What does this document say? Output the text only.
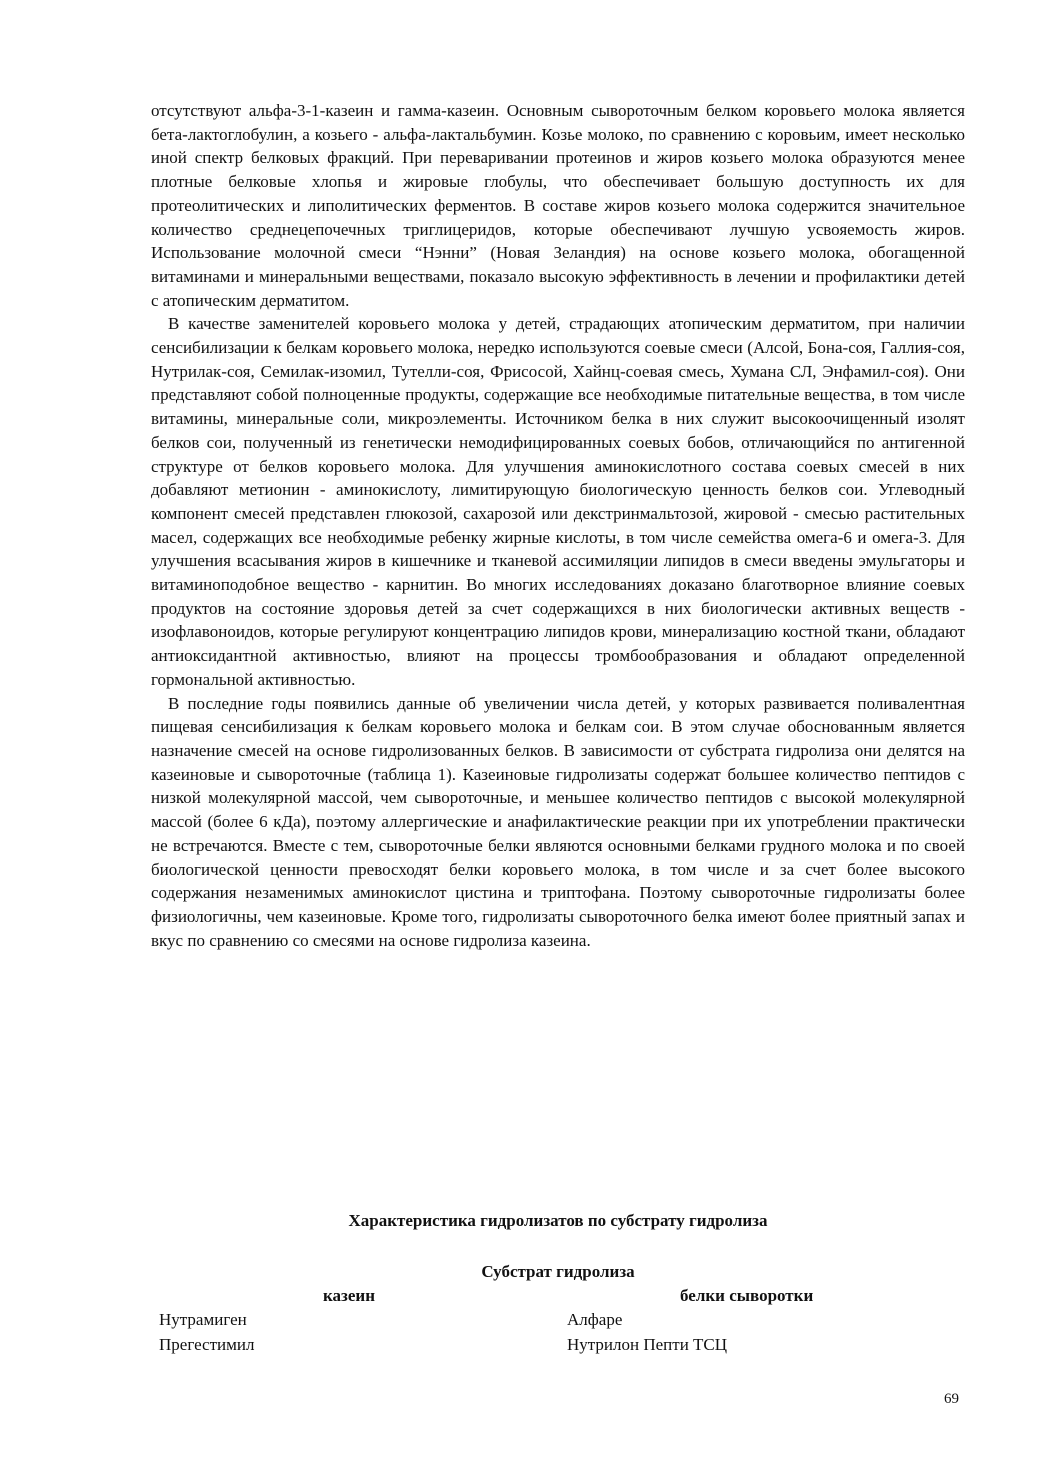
отсутствуют альфа-3-1-казеин и гамма-казеин. Основным сывороточным белком коровьего молока является бета-лактоглобулин, а козьего - альфа-лактальбумин. Козье молоко, по сравнению с коровьим, имеет несколько иной спектр белковых фракций. При переваривании протеинов и жиров козьего молока образуются менее плотные белковые хлопья и жировые глобулы, что обеспечивает большую доступность их для протеолитических и липолитических ферментов. В составе жиров козьего молока содержится значительное количество среднецепочечных триглицеридов, которые обеспечивают лучшую усвояемость жиров. Использование молочной смеси “Нэнни” (Новая Зеландия) на основе козьего молока, обогащенной витаминами и минеральными веществами, показало высокую эффективность в лечении и профилактики детей с атопическим дерматитом.

В качестве заменителей коровьего молока у детей, страдающих атопическим дерматитом, при наличии сенсибилизации к белкам коровьего молока, нередко используются соевые смеси (Алсой, Бона-соя, Галлия-соя, Нутрилак-соя, Семилак-изомил, Тутелли-соя, Фрисосой, Хайнц-соевая смесь, Хумана СЛ, Энфамил-соя). Они представляют собой полноценные продукты, содержащие все необходимые питательные вещества, в том числе витамины, минеральные соли, микроэлементы. Источником белка в них служит высокоочищенный изолят белков сои, полученный из генетически немодифицированных соевых бобов, отличающийся по антигенной структуре от белков коровьего молока. Для улучшения аминокислотного состава соевых смесей в них добавляют метионин - аминокислоту, лимитирующую биологическую ценность белков сои. Углеводный компонент смесей представлен глюкозой, сахарозой или декстринмальтозой, жировой - смесью растительных масел, содержащих все необходимые ребенку жирные кислоты, в том числе семейства омега-6 и омега-3. Для улучшения всасывания жиров в кишечнике и тканевой ассимиляции липидов в смеси введены эмульгаторы и витаминоподобное вещество - карнитин. Во многих исследованиях доказано благотворное влияние соевых продуктов на состояние здоровья детей за счет содержащихся в них биологически активных веществ - изофлавоноидов, которые регулируют концентрацию липидов крови, минерализацию костной ткани, обладают антиоксидантной активностью, влияют на процессы тромбообразования и обладают определенной гормональной активностью.

В последние годы появились данные об увеличении числа детей, у которых развивается поливалентная пищевая сенсибилизация к белкам коровьего молока и белкам сои. В этом случае обоснованным является назначение смесей на основе гидролизованных белков. В зависимости от субстрата гидролиза они делятся на казеиновые и сывороточные (таблица 1). Казеиновые гидролизаты содержат большее количество пептидов с низкой молекулярной массой, чем сывороточные, и меньшее количество пептидов с высокой молекулярной массой (более 6 кДа), поэтому аллергические и анафилактические реакции при их употреблении практически не встречаются. Вместе с тем, сывороточные белки являются основными белками грудного молока и по своей биологической ценности превосходят белки коровьего молока, в том числе и за счет более высокого содержания незаменимых аминокислот цистина и триптофана. Поэтому сывороточные гидролизаты более физиологичны, чем казеиновые. Кроме того, гидролизаты сывороточного белка имеют более приятный запах и вкус по сравнению со смесями на основе гидролиза казеина.

Характеристика гидролизатов по субстрату гидролиза
Субстрат гидролиза
казеин	белки сыворотки
Нутрамиген	Алфаре
Прегестимил	Нутрилон Пепти ТСЦ
69
